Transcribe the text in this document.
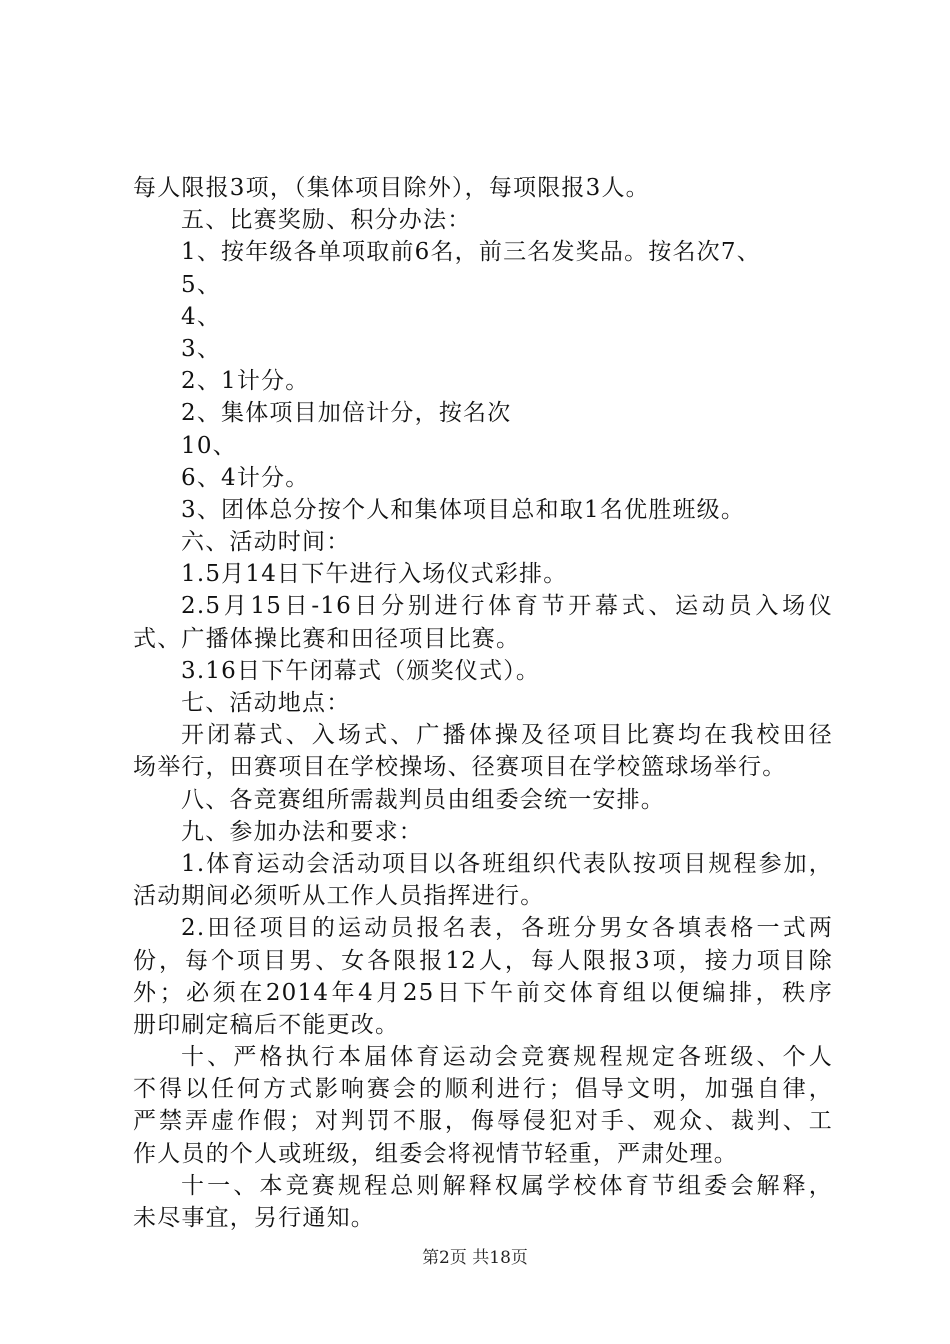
每人限报3项，（集体项目除外），每项限报3人。
五、比赛奖励、积分办法：
1、按年级各单项取前6名，前三名发奖品。按名次7、
5、
4、
3、
2、1计分。
2、集体项目加倍计分，按名次
10、
6、4计分。
3、团体总分按个人和集体项目总和取1名优胜班级。
六、活动时间：
1.5月14日下午进行入场仪式彩排。
2.5月15日-16日分别进行体育节开幕式、运动员入场仪
式、广播体操比赛和田径项目比赛。
3.16日下午闭幕式（颁奖仪式）。
七、活动地点：
开闭幕式、入场式、广播体操及径项目比赛均在我校田径
场举行，田赛项目在学校操场、径赛项目在学校篮球场举行。
八、各竞赛组所需裁判员由组委会统一安排。
九、参加办法和要求：
1.体育运动会活动项目以各班组织代表队按项目规程参加，
活动期间必须听从工作人员指挥进行。
2.田径项目的运动员报名表，各班分男女各填表格一式两
份，每个项目男、女各限报12人，每人限报3项，接力项目除
外；必须在2014年4月25日下午前交体育组以便编排，秩序
册印刷定稿后不能更改。
十、严格执行本届体育运动会竞赛规程规定各班级、个人
不得以任何方式影响赛会的顺利进行；倡导文明，加强自律，
严禁弄虚作假；对判罚不服，侮辱侵犯对手、观众、裁判、工
作人员的个人或班级，组委会将视情节轻重，严肃处理。
十一、本竞赛规程总则解释权属学校体育节组委会解释，
未尽事宜，另行通知。
第2页 共18页
